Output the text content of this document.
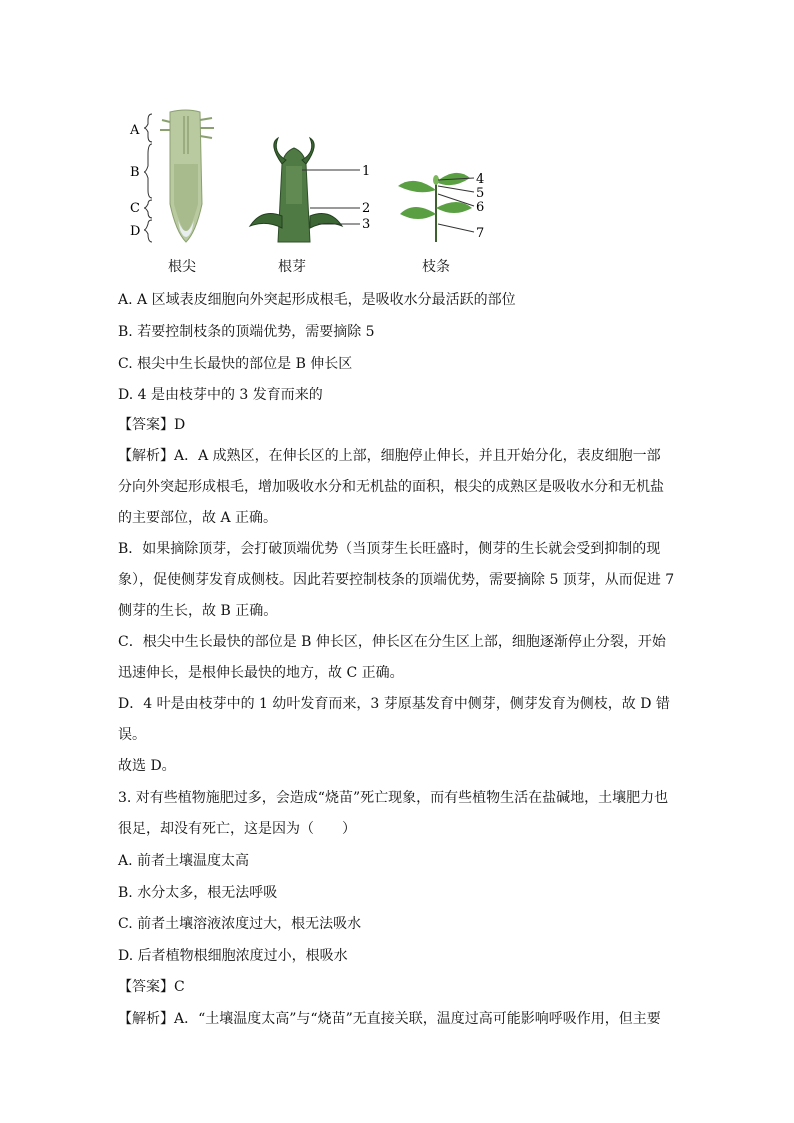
A
B
C
D
1
2
3
4
5
6
7
根尖	根芽	枝条
A. A 区域表皮细胞向外突起形成根毛，是吸收水分最活跃的部位
B. 若要控制枝条的顶端优势，需要摘除 5
C. 根尖中生长最快的部位是 B 伸长区
D. 4 是由枝芽中的 3 发育而来的
【答案】D
【解析】A．A 成熟区，在伸长区的上部，细胞停止伸长，并且开始分化，表皮细胞一部
分向外突起形成根毛，增加吸收水分和无机盐的面积，根尖的成熟区是吸收水分和无机盐
的主要部位，故 A 正确。
B．如果摘除顶芽，会打破顶端优势（当顶芽生长旺盛时，侧芽的生长就会受到抑制的现
象），促使侧芽发育成侧枝。因此若要控制枝条的顶端优势，需要摘除 5 顶芽，从而促进 7
侧芽的生长，故 B 正确。
C．根尖中生长最快的部位是 B 伸长区，伸长区在分生区上部，细胞逐渐停止分裂，开始
迅速伸长，是根伸长最快的地方，故 C 正确。
D．4 叶是由枝芽中的 1 幼叶发育而来，3 芽原基发育中侧芽，侧芽发育为侧枝，故 D 错
误。
故选 D。
3. 对有些植物施肥过多，会造成“烧苗”死亡现象，而有些植物生活在盐碱地，土壤肥力也
很足，却没有死亡，这是因为（　　）
A. 前者土壤温度太高
B. 水分太多，根无法呼吸
C. 前者土壤溶液浓度过大，根无法吸水
D. 后者植物根细胞浓度过小，根吸水
【答案】C
【解析】A．“土壤温度太高”与“烧苗”无直接关联，温度过高可能影响呼吸作用，但主要
